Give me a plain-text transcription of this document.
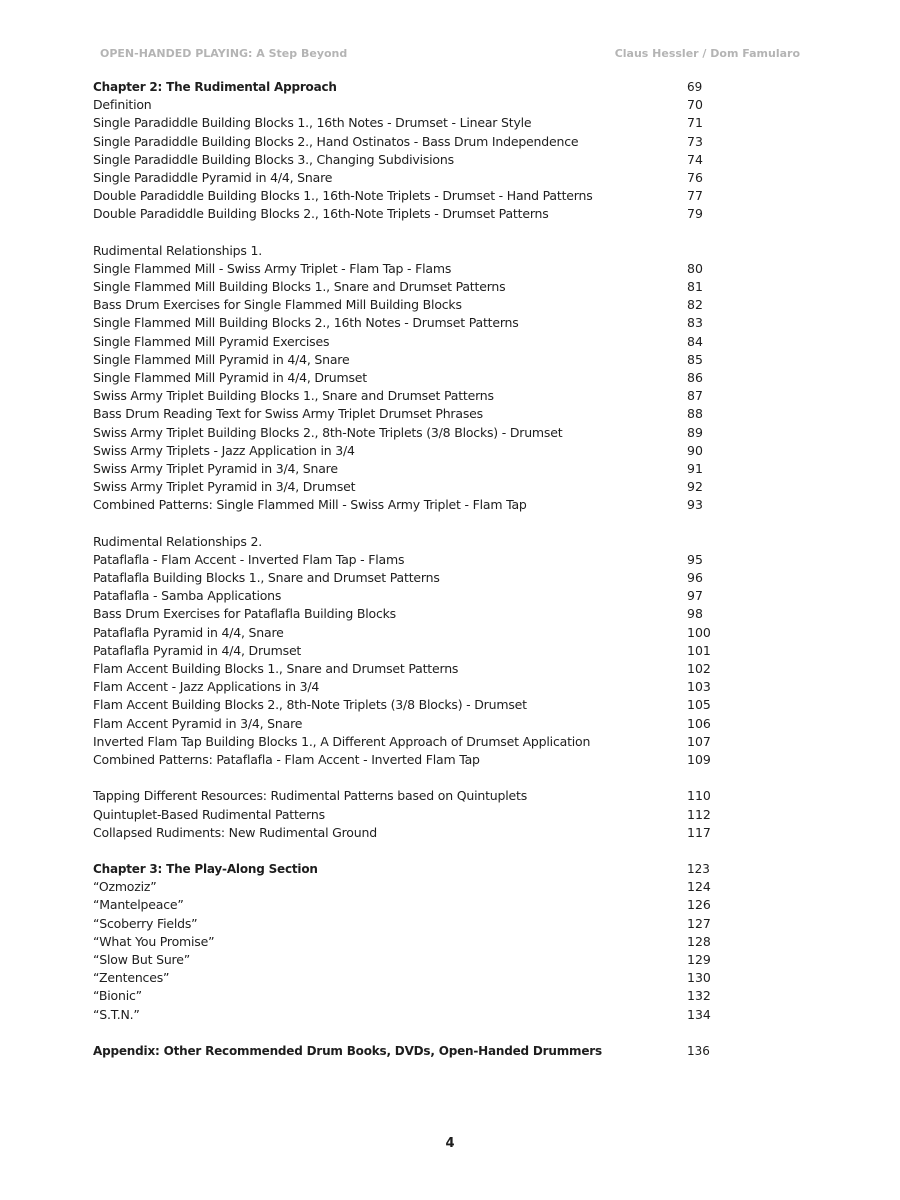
OPEN-HANDED PLAYING: A Step Beyond	Claus Hessler / Dom Famularo
Chapter 2: The Rudimental Approach	69
Definition	70
Single Paradiddle Building Blocks 1., 16th Notes - Drumset - Linear Style	71
Single Paradiddle Building Blocks 2., Hand Ostinatos - Bass Drum Independence	73
Single Paradiddle Building Blocks 3., Changing Subdivisions	74
Single Paradiddle Pyramid in 4/4, Snare	76
Double Paradiddle Building Blocks 1., 16th-Note Triplets - Drumset - Hand Patterns	77
Double Paradiddle Building Blocks 2., 16th-Note Triplets - Drumset Patterns	79
Rudimental Relationships 1.
Single Flammed Mill - Swiss Army Triplet - Flam Tap - Flams	80
Single Flammed Mill Building Blocks 1., Snare and Drumset Patterns	81
Bass Drum Exercises for Single Flammed Mill Building Blocks	82
Single Flammed Mill Building Blocks 2., 16th Notes - Drumset Patterns	83
Single Flammed Mill Pyramid Exercises	84
Single Flammed Mill Pyramid in 4/4, Snare	85
Single Flammed Mill Pyramid in 4/4, Drumset	86
Swiss Army Triplet Building Blocks 1., Snare and Drumset Patterns	87
Bass Drum Reading Text for Swiss Army Triplet Drumset Phrases	88
Swiss Army Triplet Building Blocks 2., 8th-Note Triplets (3/8 Blocks) - Drumset	89
Swiss Army Triplets - Jazz Application in 3/4	90
Swiss Army Triplet Pyramid in 3/4, Snare	91
Swiss Army Triplet Pyramid in 3/4, Drumset	92
Combined Patterns: Single Flammed Mill - Swiss Army Triplet - Flam Tap	93
Rudimental Relationships 2.
Pataflafla - Flam Accent - Inverted Flam Tap - Flams	95
Pataflafla Building Blocks 1., Snare and Drumset Patterns	96
Pataflafla - Samba Applications	97
Bass Drum Exercises for Pataflafla Building Blocks	98
Pataflafla Pyramid in 4/4, Snare	100
Pataflafla Pyramid in 4/4, Drumset	101
Flam Accent Building Blocks 1., Snare and Drumset Patterns	102
Flam Accent - Jazz Applications in 3/4	103
Flam Accent Building Blocks 2., 8th-Note Triplets (3/8 Blocks) - Drumset	105
Flam Accent Pyramid in 3/4, Snare	106
Inverted Flam Tap Building Blocks 1., A Different Approach of Drumset Application	107
Combined Patterns: Pataflafla - Flam Accent - Inverted Flam Tap	109
Tapping Different Resources: Rudimental Patterns based on Quintuplets	110
Quintuplet-Based Rudimental Patterns	112
Collapsed Rudiments: New Rudimental Ground	117
Chapter 3: The Play-Along Section	123
“Ozmoziz”	124
“Mantelpeace”	126
“Scoberry Fields”	127
“What You Promise”	128
“Slow But Sure”	129
“Zentences”	130
“Bionic”	132
“S.T.N.”	134
Appendix: Other Recommended Drum Books, DVDs, Open-Handed Drummers	136
4
